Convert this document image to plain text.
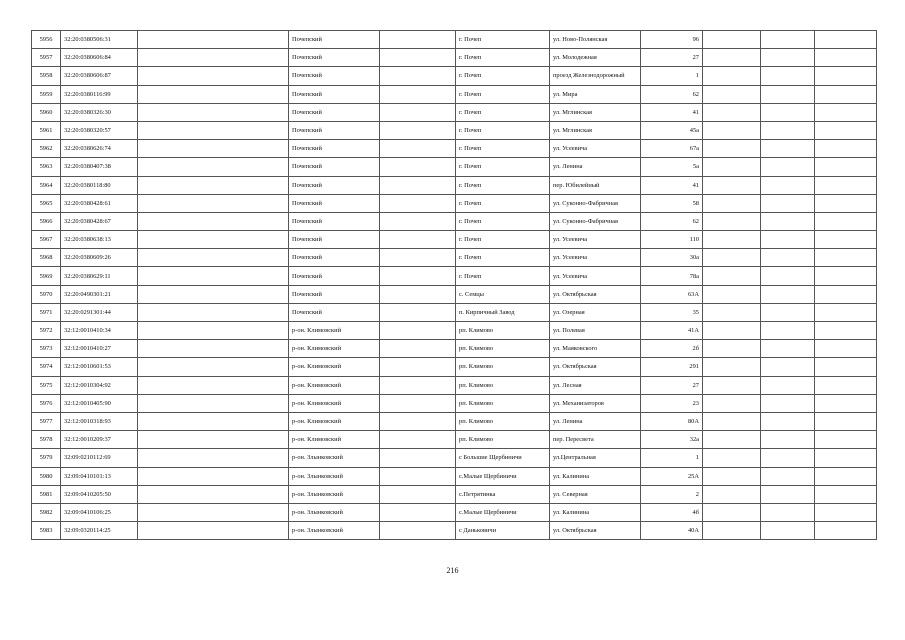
5956	32:20:0380506:31		Почепский		г. Почеп	ул. Ново-Полянская	96			
5957	32:20:0380606:84		Почепский		г. Почеп	ул. Молодежная	27			
5958	32:20:0380606:87		Почепский		г. Почеп	проезд Железнодорожный	1			
5959	32:20:0380116:99		Почепский		г. Почеп	ул. Мира	62			
5960	32:20:0380326:30		Почепский		г. Почеп	ул. Мглинская	41			
5961	32:20:0380320:57		Почепский		г. Почеп	ул. Мглинская	45а			
5962	32:20:0380626:74		Почепский		г. Почеп	ул. Усеевича	67а			
5963	32:20:0380407:38		Почепский		г. Почеп	ул. Ленина	5а			
5964	32:20:0380118:80		Почепский		г. Почеп	пер. Юбилейный	41			
5965	32:20:0380428:61		Почепский		г. Почеп	ул. Суконно-Фабричная	58			
5966	32:20:0380428:67		Почепский		г. Почеп	ул. Суконно-Фабричная	62			
5967	32:20:0380638:13		Почепский		г. Почеп	ул. Усеевича	110			
5968	32:20:0380609:26		Почепский		г. Почеп	ул. Усеевича	30а			
5969	32:20:0380629:11		Почепский		г. Почеп	ул. Усеевича	78а			
5970	32:20:0490301:21		Почепский		с. Семцы	ул. Октябрьская	63А			
5971	32:20:0291301:44		Почепский		п. Кирпичный Завод	ул. Озерная	35			
5972	32:12:0010410:34		р-он. Климовский		рп. Климово	ул. Полевая	41А			
5973	32:12:0010410:27		р-он. Климовский		рп. Климово	ул. Маяковского	2б			
5974	32:12:0010601:53		р-он. Климовский		рп. Климово	ул. Октябрьская	291			
5975	32:12:0010304:92		р-он. Климовский		рп. Климово	ул. Лесная	27			
5976	32:12:0010405:90		р-он. Климовский		рп. Климово	ул. Механизаторов	23			
5977	32:12:0010318:93		р-он. Климовский		рп. Климово	ул. Ленина	80А			
5978	32:12:0010209:37		р-он. Климовский		рп. Климово	пер. Пересвета	32а			
5979	32:09:0210112:69		р-он. Злынковский		с Большие Щербиничи	ул.Центральная	1			
5980	32:09:0410101:13		р-он. Злынковский		с.Малые Щербиничи	ул. Калинина	25А			
5981	32:09:0410205:50		р-он. Злынковский		с.Петрятинка	ул. Северная	2			
5982	32:09:0410106:25		р-он. Злынковский		с.Малые Щербиничи	ул. Калинина	4б			
5983	32:09:0320114:25		р-он. Злынковский		с Даньковичи	ул. Октябрьская	40А			
216
